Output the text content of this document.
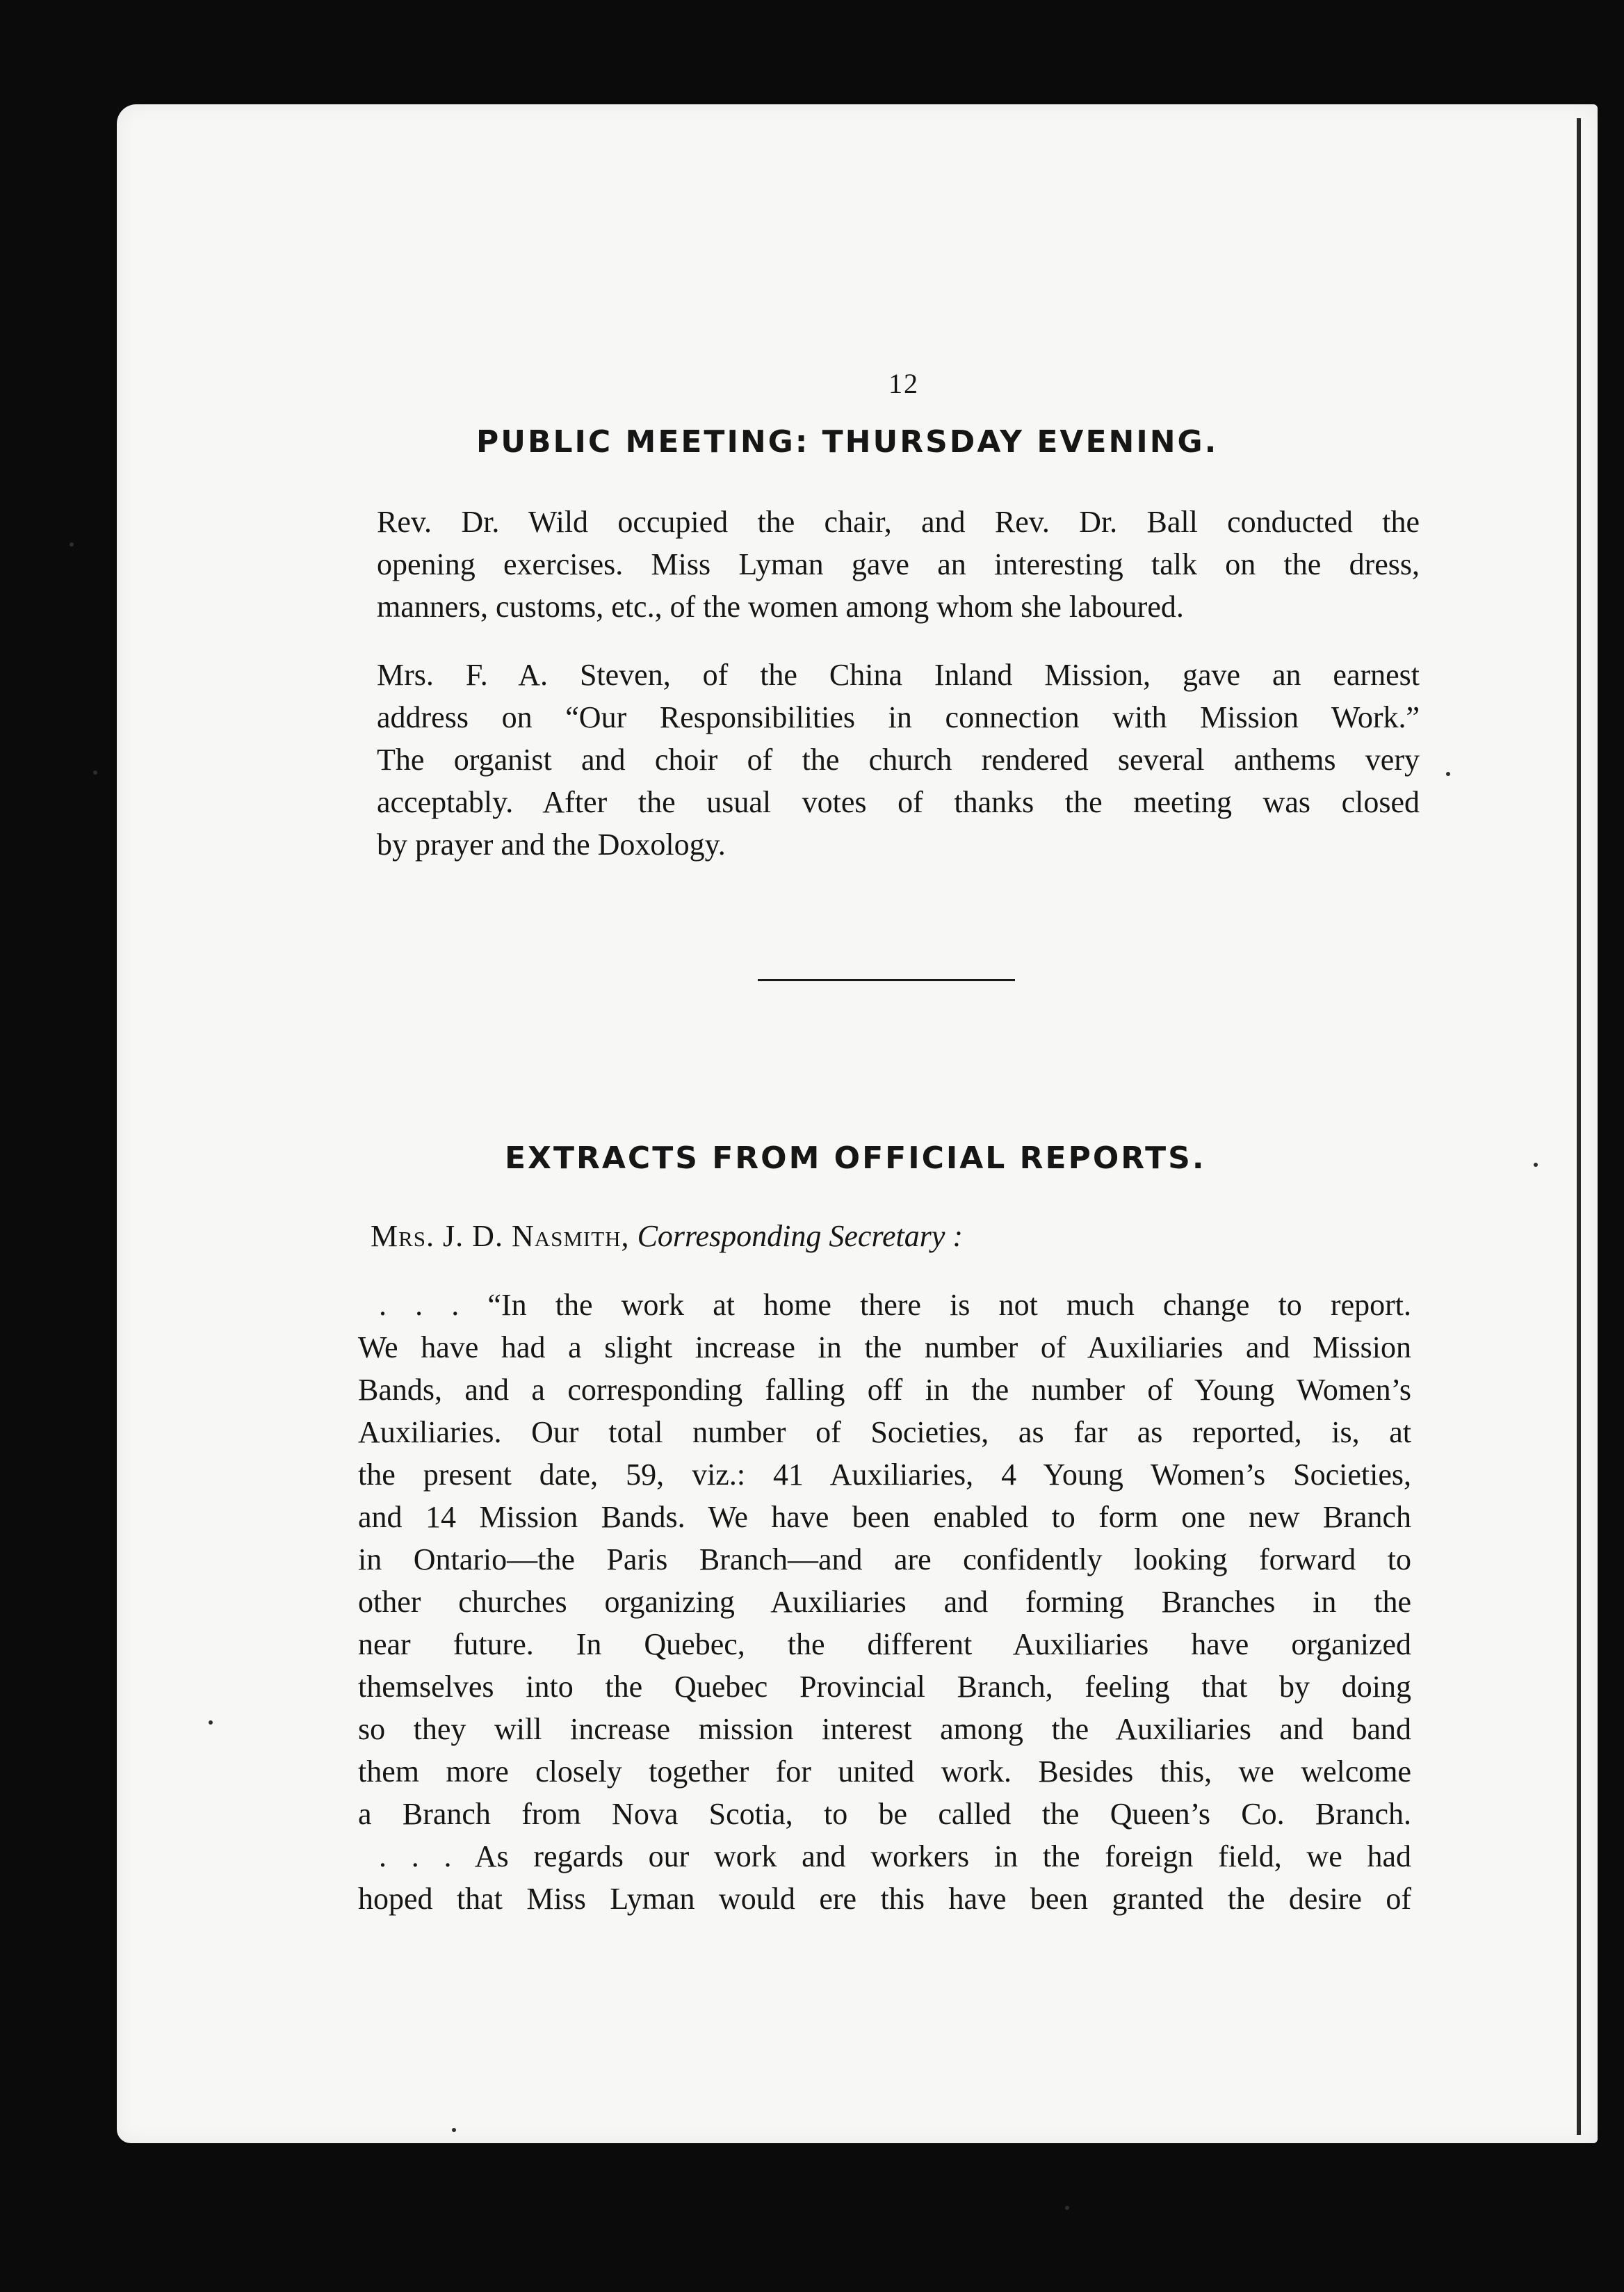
12
PUBLIC MEETING: THURSDAY EVENING.
Rev. Dr. Wild occupied the chair, and Rev. Dr. Ball conducted the
opening exercises. Miss Lyman gave an interesting talk on the dress,
manners, customs, etc., of the women among whom she laboured.
Mrs. F. A. Steven, of the China Inland Mission, gave an earnest
address on “Our Responsibilities in connection with Mission Work.”
The organist and choir of the church rendered several anthems very
acceptably. After the usual votes of thanks the meeting was closed
by prayer and the Doxology.
EXTRACTS FROM OFFICIAL REPORTS.
Mrs. J. D. Nasmith, Corresponding Secretary :
. . . “In the work at home there is not much change to report.
We have had a slight increase in the number of Auxiliaries and Mission
Bands, and a corresponding falling off in the number of Young Women’s
Auxiliaries. Our total number of Societies, as far as reported, is, at
the present date, 59, viz.: 41 Auxiliaries, 4 Young Women’s Societies,
and 14 Mission Bands. We have been enabled to form one new Branch
in Ontario—the Paris Branch—and are confidently looking forward to
other churches organizing Auxiliaries and forming Branches in the
near future. In Quebec, the different Auxiliaries have organized
themselves into the Quebec Provincial Branch, feeling that by doing
so they will increase mission interest among the Auxiliaries and band
them more closely together for united work. Besides this, we welcome
a Branch from Nova Scotia, to be called the Queen’s Co. Branch.
. . . As regards our work and workers in the foreign field, we had
hoped that Miss Lyman would ere this have been granted the desire of
